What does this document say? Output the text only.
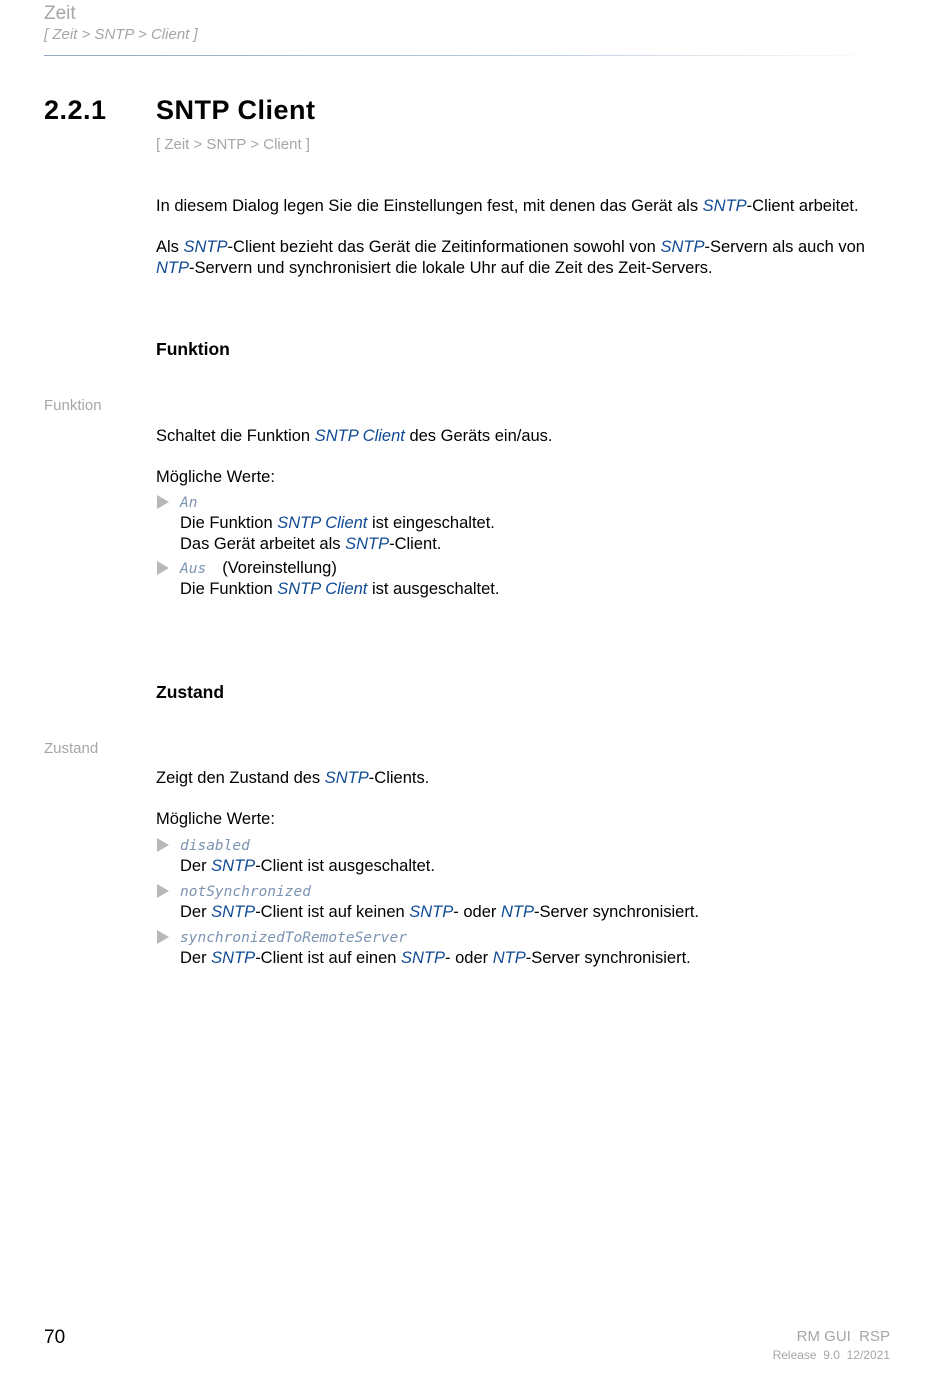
Zeit
[ Zeit > SNTP > Client ]
2.2.1 SNTP Client
[ Zeit > SNTP > Client ]
In diesem Dialog legen Sie die Einstellungen fest, mit denen das Gerät als SNTP-Client arbeitet.
Als SNTP-Client bezieht das Gerät die Zeitinformationen sowohl von SNTP-Servern als auch von
NTP-Servern und synchronisiert die lokale Uhr auf die Zeit des Zeit-Servers.
Funktion
Funktion
Schaltet die Funktion SNTP Client des Geräts ein/aus.
Mögliche Werte:
An
Die Funktion SNTP Client ist eingeschaltet.
Das Gerät arbeitet als SNTP-Client.
Aus (Voreinstellung)
Die Funktion SNTP Client ist ausgeschaltet.
Zustand
Zustand
Zeigt den Zustand des SNTP-Clients.
Mögliche Werte:
disabled
Der SNTP-Client ist ausgeschaltet.
notSynchronized
Der SNTP-Client ist auf keinen SNTP- oder NTP-Server synchronisiert.
synchronizedToRemoteServer
Der SNTP-Client ist auf einen SNTP- oder NTP-Server synchronisiert.
70	RM GUI  RSP
Release  9.0  12/2021
